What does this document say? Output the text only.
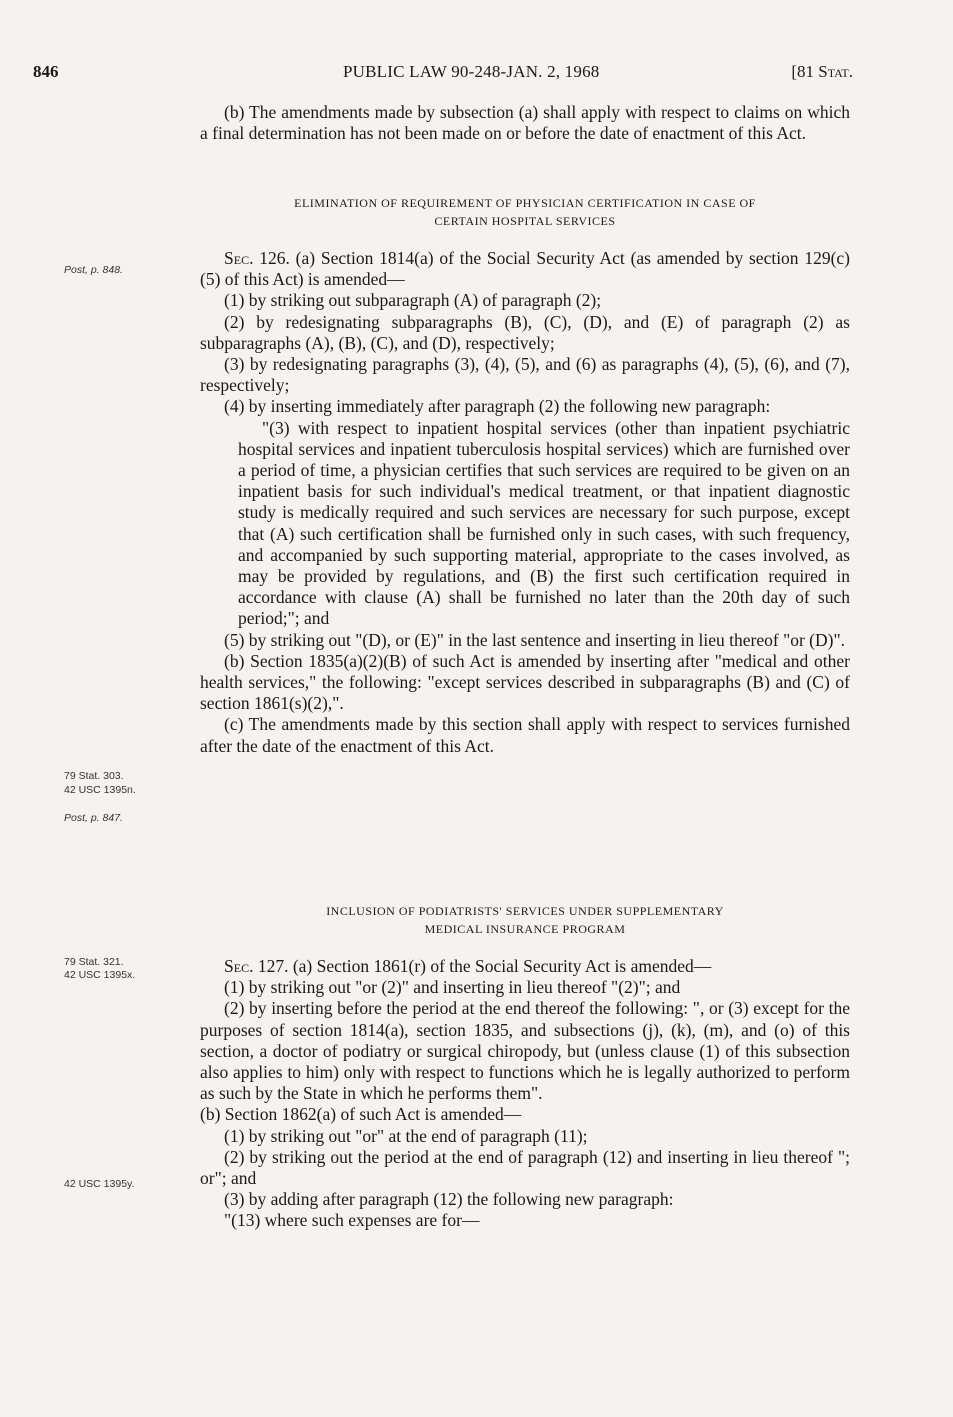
846	PUBLIC LAW 90-248-JAN. 2, 1968	[81 Stat.
Post, p. 848.
79 Stat. 303.
42 USC 1395n.
Post, p. 847.
79 Stat. 321.
42 USC 1395x.
42 USC 1395y.

(b) The amendments made by subsection (a) shall apply with respect to claims on which a final determination has not been made on or before the date of enactment of this Act.

ELIMINATION OF REQUIREMENT OF PHYSICIAN CERTIFICATION IN CASE OF
CERTAIN HOSPITAL SERVICES

Sec. 126. (a) Section 1814(a) of the Social Security Act (as amended by section 129(c)(5) of this Act) is amended—

(1) by striking out subparagraph (A) of paragraph (2);

(2) by redesignating subparagraphs (B), (C), (D), and (E) of paragraph (2) as subparagraphs (A), (B), (C), and (D), respectively;

(3) by redesignating paragraphs (3), (4), (5), and (6) as paragraphs (4), (5), (6), and (7), respectively;

(4) by inserting immediately after paragraph (2) the following new paragraph:

"(3) with respect to inpatient hospital services (other than inpatient psychiatric hospital services and inpatient tuberculosis hospital services) which are furnished over a period of time, a physician certifies that such services are required to be given on an inpatient basis for such individual's medical treatment, or that inpatient diagnostic study is medically required and such services are necessary for such purpose, except that (A) such certification shall be furnished only in such cases, with such frequency, and accompanied by such supporting material, appropriate to the cases involved, as may be provided by regulations, and (B) the first such certification required in accordance with clause (A) shall be furnished no later than the 20th day of such period;"; and

(5) by striking out "(D), or (E)" in the last sentence and inserting in lieu thereof "or (D)".

(b) Section 1835(a)(2)(B) of such Act is amended by inserting after "medical and other health services," the following: "except services described in subparagraphs (B) and (C) of section 1861(s)(2),".

(c) The amendments made by this section shall apply with respect to services furnished after the date of the enactment of this Act.

INCLUSION OF PODIATRISTS' SERVICES UNDER SUPPLEMENTARY
MEDICAL INSURANCE PROGRAM

Sec. 127. (a) Section 1861(r) of the Social Security Act is amended—

(1) by striking out "or (2)" and inserting in lieu thereof "(2)"; and

(2) by inserting before the period at the end thereof the following: ", or (3) except for the purposes of section 1814(a), section 1835, and subsections (j), (k), (m), and (o) of this section, a doctor of podiatry or surgical chiropody, but (unless clause (1) of this subsection also applies to him) only with respect to functions which he is legally authorized to perform as such by the State in which he performs them".

(b) Section 1862(a) of such Act is amended—

(1) by striking out "or" at the end of paragraph (11);

(2) by striking out the period at the end of paragraph (12) and inserting in lieu thereof "; or"; and

(3) by adding after paragraph (12) the following new paragraph:

"(13) where such expenses are for—
